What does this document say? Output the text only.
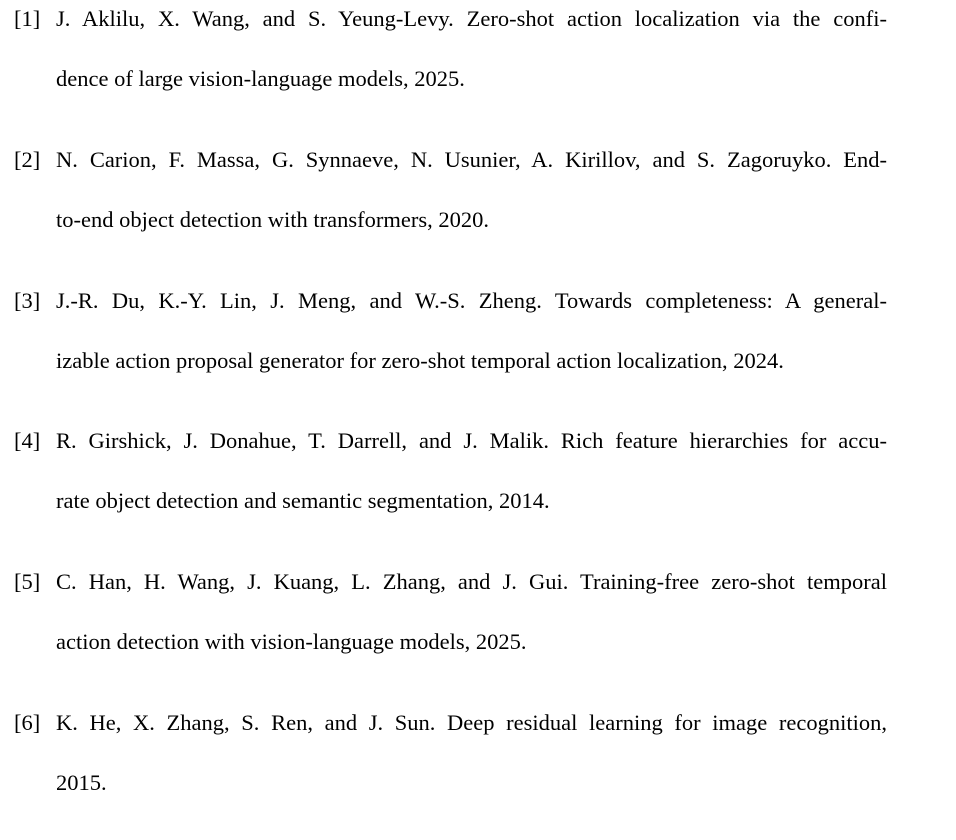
[1] J. Aklilu, X. Wang, and S. Yeung-Levy. Zero-shot action localization via the confi-
dence of large vision-language models, 2025.
[2] N. Carion, F. Massa, G. Synnaeve, N. Usunier, A. Kirillov, and S. Zagoruyko. End-
to-end object detection with transformers, 2020.
[3] J.-R. Du, K.-Y. Lin, J. Meng, and W.-S. Zheng. Towards completeness: A general-
izable action proposal generator for zero-shot temporal action localization, 2024.
[4] R. Girshick, J. Donahue, T. Darrell, and J. Malik. Rich feature hierarchies for accu-
rate object detection and semantic segmentation, 2014.
[5] C. Han, H. Wang, J. Kuang, L. Zhang, and J. Gui. Training-free zero-shot temporal
action detection with vision-language models, 2025.
[6] K. He, X. Zhang, S. Ren, and J. Sun. Deep residual learning for image recognition,
2015.
